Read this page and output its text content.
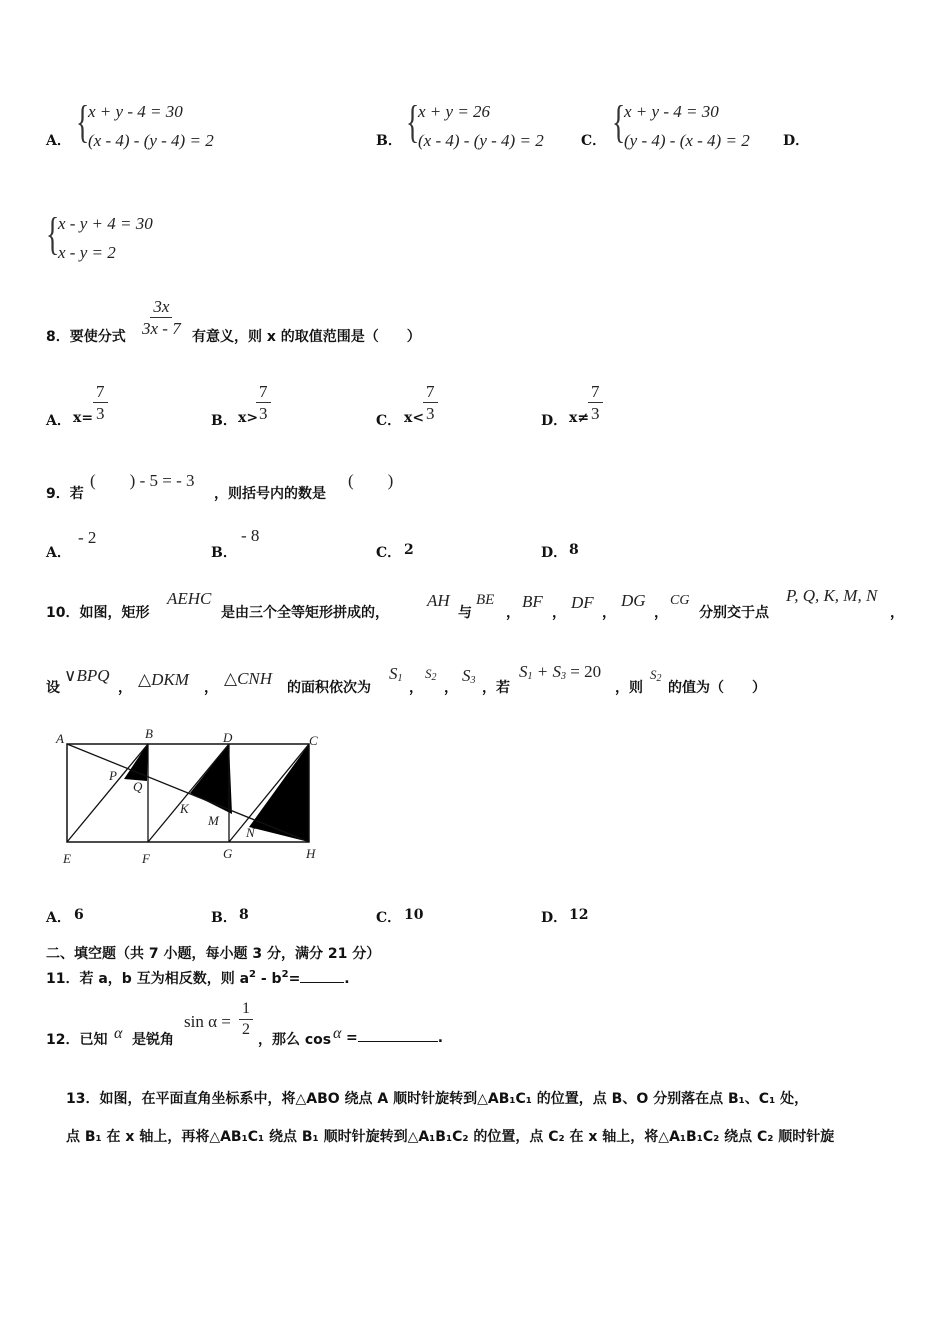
A． {
x + y - 4 = 30
(x - 4) - (y - 4) = 2	B． {
x + y = 26
(x - 4) - (y - 4) = 2	C． {
x + y - 4 = 30
(y - 4) - (x - 4) = 2 D．
{
x - y + 4 = 30
x - y = 2
8．要使分式 $\frac{3x}{3x - 7}$ 有意义，则 x 的取值范围是（　　）
A． $x= \frac{7}{3}$	B． x>
$\frac{7}{3}$	C． x<
$\frac{7}{3}$	D． x≠
$\frac{7}{3}$
9．若
(　　) - 5 = - 3
，则括号内的数是
(　　)
A．
- 2
B．
- 8
C． 2	D． 8
10．如图，矩形
AEHC
是由三个全等矩形拼成的，
AH
与
BE
，
BF
，
DF
，
DG
，
CG
分别交于点
P, Q, K, M, N
，
设
∨BPQ
， △DKM ， △CNH 的面积依次为
$S_1$
，
$S_2$
，
$S_3$ ，若
$S_1 + S_3 = 20$
，则
$S_2$
的值为（　　）
A	B	D	C
P
Q
K
M
N
E	F	G	H
A． 6	B． 8	C． 10	D． 12
二、填空题（共 7 小题，每小题 3 分，满分 21 分）
11．若 a，b 互为相反数，则 $a^2 - b^2=$	.
12．已知 α 是锐角
$\sin \alpha = \frac{1}{2}$
，那么 cos α =	.
13．如图，在平面直角坐标系中，将△ABO 绕点 A 顺时针旋转到△AB₁C₁ 的位置，点 B、O 分别落在点 B₁、C₁ 处，
点 B₁ 在 x 轴上，再将△AB₁C₁ 绕点 B₁ 顺时针旋转到△A₁B₁C₂ 的位置，点 C₂ 在 x 轴上，将△A₁B₁C₂ 绕点 C₂ 顺时针旋
